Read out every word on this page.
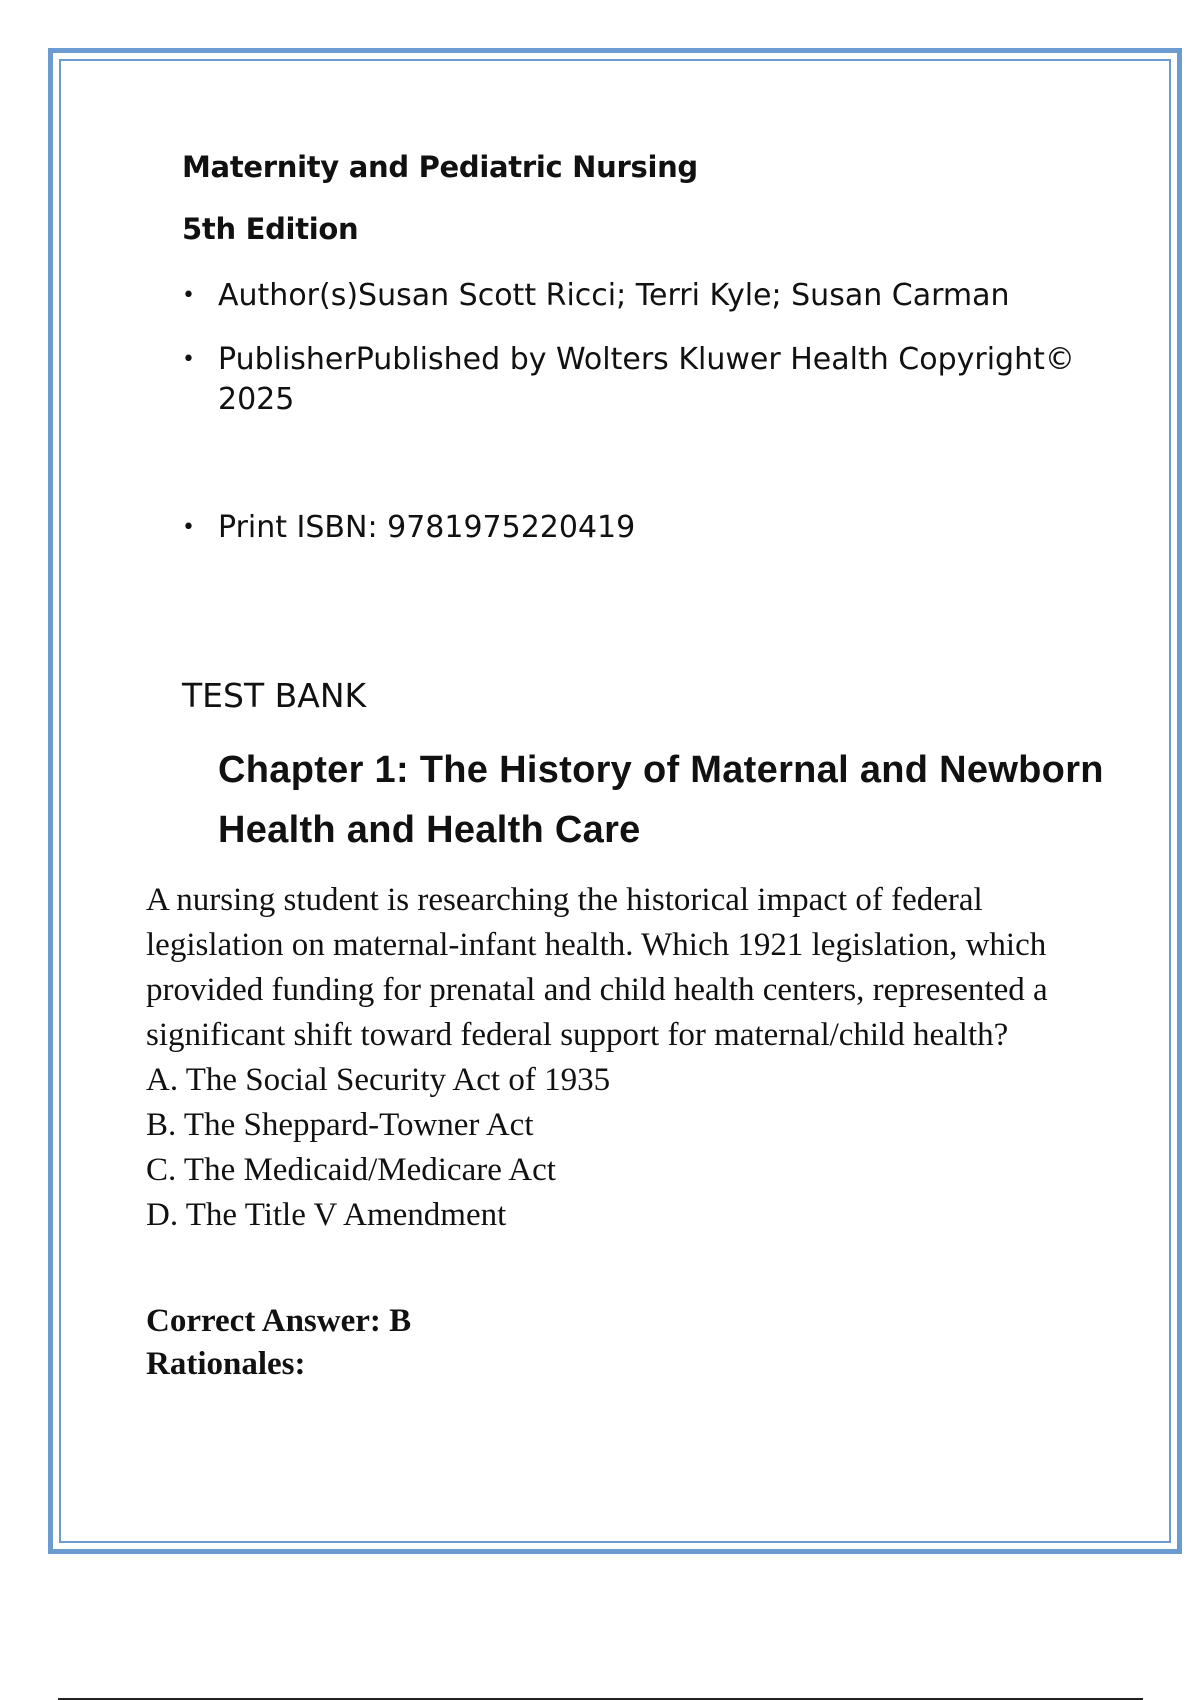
Maternity and Pediatric Nursing
5th Edition
• Author(s)Susan Scott Ricci; Terri Kyle; Susan Carman
• PublisherPublished by Wolters Kluwer Health Copyright© 2025
• Print ISBN: 9781975220419
TEST BANK
Chapter 1: The History of Maternal and Newborn Health and Health Care

A nursing student is researching the historical impact of federal legislation on maternal-infant health. Which 1921 legislation, which provided funding for prenatal and child health centers, represented a significant shift toward federal support for maternal/child health?

A. The Social Security Act of 1935
B. The Sheppard-Towner Act
C. The Medicaid/Medicare Act
D. The Title V Amendment
Correct Answer: B
Rationales:
